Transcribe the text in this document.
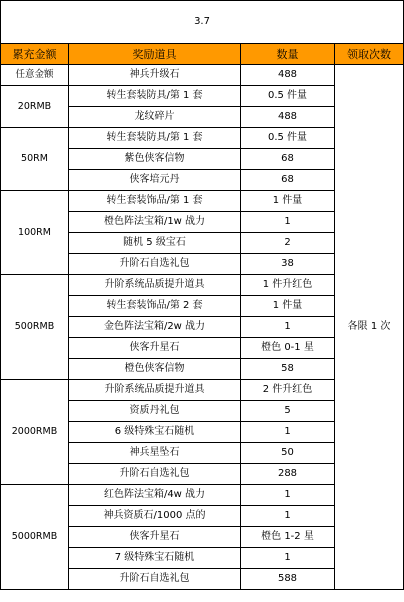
3.7			
累充金额	奖励道具	数量	领取次数
任意金额	神兵升级石	488	各限 1 次
20RMB	转生套装防具/第 1 套	0.5 件量	
	龙纹碎片	488	
50RM	转生套装防具/第 1 套	0.5 件量	
	紫色侠客信物	68	
	侠客培元丹	68	
100RM	转生套装饰品/第 1 套	1 件量	
	橙色阵法宝箱/1w 战力	1	
	随机 5 级宝石	2	
	升阶石自选礼包	38	
500RMB	升阶系统品质提升道具	1 件升红色	
	转生套装饰品/第 2 套	1 件量	
	金色阵法宝箱/2w 战力	1	
	侠客升星石	橙色 0-1 星	
	橙色侠客信物	58	
2000RMB	升阶系统品质提升道具	2 件升红色	
	资质丹礼包	5	
	6 级特殊宝石随机	1	
	神兵星坠石	50	
	升阶石自选礼包	288	
5000RMB	红色阵法宝箱/4w 战力	1	
	神兵资质石/1000 点的	1	
	侠客升星石	橙色 1-2 星	
	7 级特殊宝石随机	1	
	升阶石自选礼包	588	
